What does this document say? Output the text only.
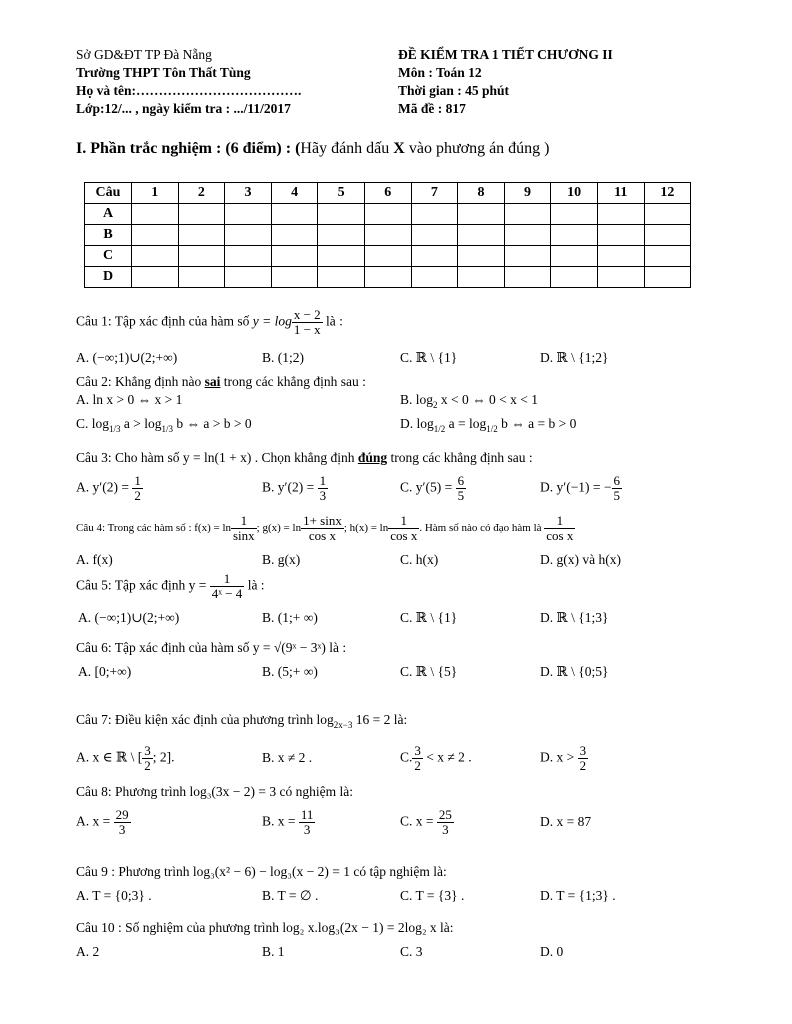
Sở GD&ĐT TP Đà Nẵng
Trường THPT Tôn Thất Tùng
Họ và tên:……………………………….
Lớp:12/... , ngày kiểm tra : .../11/2017
ĐỀ KIỂM TRA 1 TIẾT CHƯƠNG II
Môn : Toán 12
Thời gian : 45 phút
Mã đề : 817
I. Phần trắc nghiệm : (6 điểm) : (Hãy đánh dấu X vào phương án đúng )
Câu	1	2	3	4	5	6	7	8	9	10	11	12
A												
B												
C												
D												
Câu 1: Tập xác định của hàm số $y = \log \frac{x - 2}{1 - x}$ là :
A. (−∞;1)∪(2;+∞)	B. (1;2)	C. ℝ \ {1}	D. ℝ \ {1;2}
Câu 2: Khẳng định nào sai trong các khẳng định sau :
A. ln x > 0 ⇔ x > 1	B. $\log_2 x < 0$ ⇔ 0 < x < 1
C. $\log_{1/3} a > \log_{1/3} b$ ⇔ a > b > 0	D. $\log_{1/2} a = \log_{1/2} b$ ⇔ a = b > 0
Câu 3: Cho hàm số y = ln(1 + x) . Chọn khẳng định đúng trong các khẳng định sau :
A. $y'(2) = \frac{1}{2}$	B. $y'(2) = \frac{1}{3}$	C. $y'(5) = \frac{6}{5}$	D. y′(−1) = − $\frac{6}{5}$
Câu 4: Trong các hàm số : $f(x) = \ln \frac{1}{\sin x}$ ; $g(x) = \ln \frac{1+ \sin x}{\text{cos x}}$ ; $h(x) = \ln \frac{1}{\text{cos x}}$ . Hàm số nào có đạo hàm là $\frac{1}{\text{cos x}}$
A. f(x)	B. g(x)	C. h(x)	D. g(x) và h(x)
Câu 5: Tập xác định $y = \frac{1}{\text{4ˣ − 4}}$ là :
A. (−∞;1)∪(2;+∞)	B. (1;+ ∞)	C. ℝ \ {1}	D. ℝ \ {1;3}
Câu 6: Tập xác định của hàm số y = √(9ˣ − 3ˣ) là :
A. [0;+∞)	B. (5;+ ∞)	C. ℝ \ {5}	D. ℝ \ {0;5}
Câu 7: Điều kiện xác định của phương trình $\log_{2x-3} 16 = 2$ là:
A. x ∈ ℝ \ [ $\frac{3}{2}$ ; 2].	B. x ≠ 2 .	C. $\frac{3}{2} < x \ne 2$ .	D. $x > \frac{3}{2}$
Câu 8: Phương trình log₃(3x − 2) = 3 có nghiệm là:
A. $x = \frac{29}{3}$	B. $x = \frac{11}{3}$	C. $x = \frac{25}{3}$	D. x = 87
Câu 9 : Phương trình log₃(x² − 6) − log₃(x − 2) = 1 có tập nghiệm là:
A. T = {0;3} .	B. T = ∅ .	C. T = {3} .	D. T = {1;3} .
Câu 10 : Số nghiệm của phương trình log₂ x.log₃(2x − 1) = 2log₂ x là:
A. 2	B. 1	C. 3	D. 0
